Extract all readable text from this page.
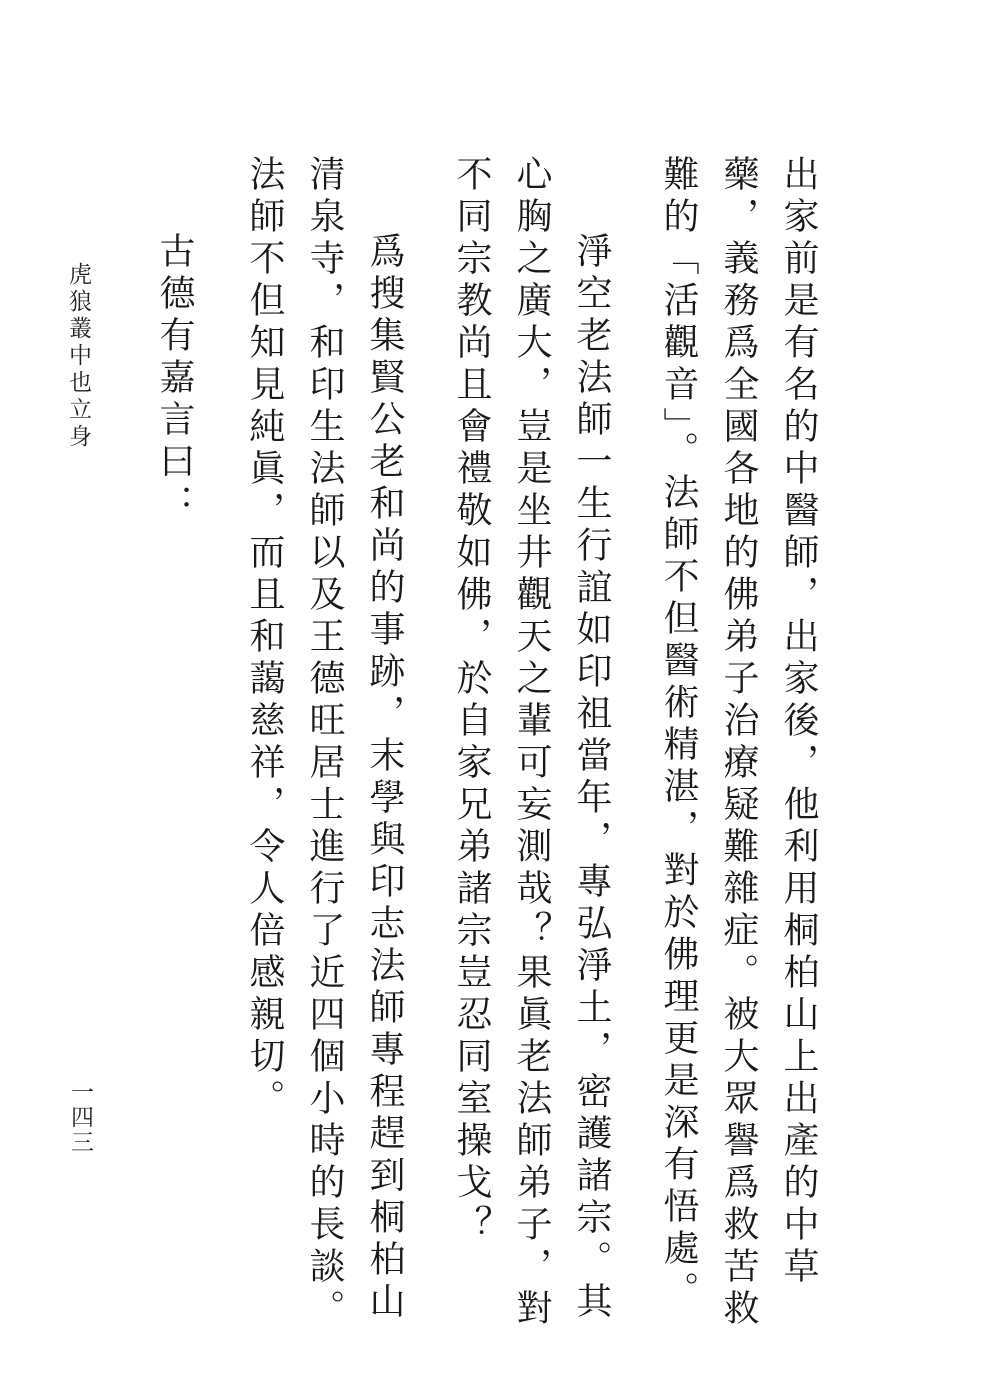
出家前是有名的中醫師，出家後，他利用桐柏山上出產的中草
藥，義務爲全國各地的佛弟子治療疑難雜症。被大眾譽爲救苦救
難的「活觀音」。法師不但醫術精湛，對於佛理更是深有悟處。
淨空老法師一生行誼如印祖當年，專弘淨土，密護諸宗。其
心胸之廣大，豈是坐井觀天之輩可妄測哉？果眞老法師弟子，對
不同宗教尚且會禮敬如佛，於自家兄弟諸宗豈忍同室操戈？
爲搜集賢公老和尚的事跡，末學與印志法師專程趕到桐柏山
清泉寺，和印生法師以及王德旺居士進行了近四個小時的長談。
法師不但知見純眞，而且和藹慈祥，令人倍感親切。
古德有嘉言曰：
虎狼叢中也立身
一四三
